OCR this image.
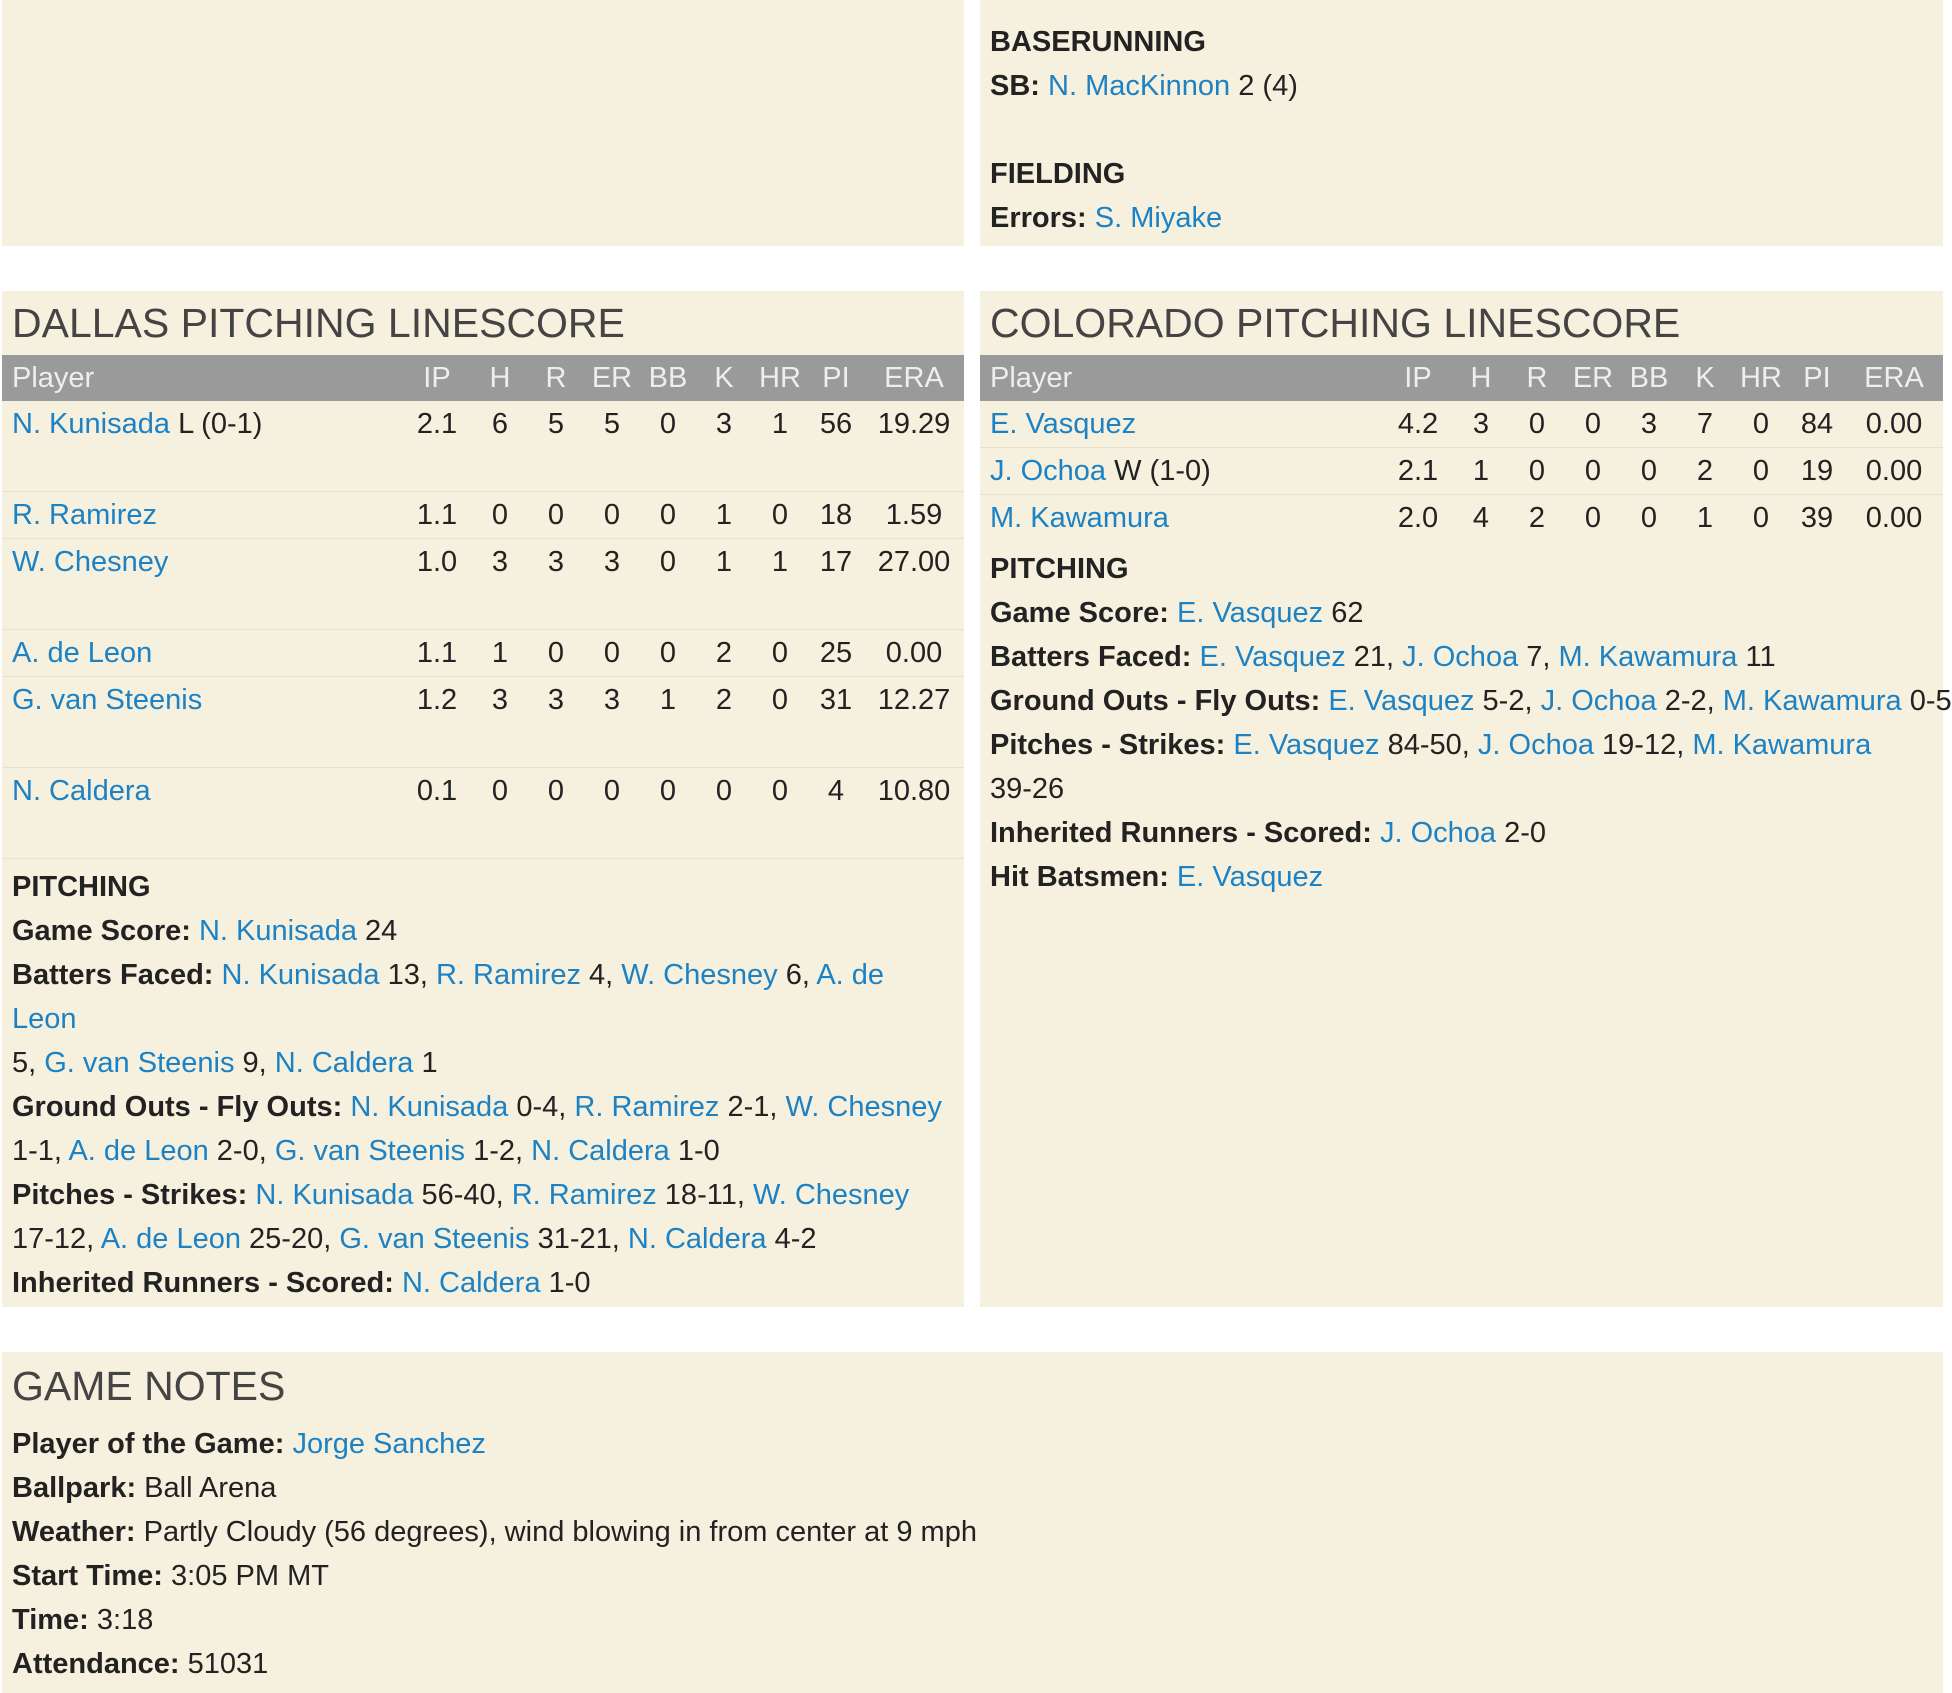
BASERUNNING

SB: N. MacKinnon 2 (4)

FIELDING

Errors: S. Miyake

DALLAS PITCHING LINESCORE
Player	IP	H	R	ER	BB	K	HR	PI	ERA
N. Kunisada L (0-1)	2.1	6	5	5	0	3	1	56	19.29
R. Ramirez	1.1	0	0	0	0	1	0	18	1.59
W. Chesney	1.0	3	3	3	0	1	1	17	27.00
A. de Leon	1.1	1	0	0	0	2	0	25	0.00
G. van Steenis	1.2	3	3	3	1	2	0	31	12.27
N. Caldera	0.1	0	0	0	0	0	0	4	10.80

PITCHING

Game Score: N. Kunisada 24

Batters Faced: N. Kunisada 13, R. Ramirez 4, W. Chesney 6, A. de Leon
5, G. van Steenis 9, N. Caldera 1

Ground Outs - Fly Outs: N. Kunisada 0-4, R. Ramirez 2-1, W. Chesney
1-1, A. de Leon 2-0, G. van Steenis 1-2, N. Caldera 1-0

Pitches - Strikes: N. Kunisada 56-40, R. Ramirez 18-11, W. Chesney
17-12, A. de Leon 25-20, G. van Steenis 31-21, N. Caldera 4-2

Inherited Runners - Scored: N. Caldera 1-0

COLORADO PITCHING LINESCORE
Player	IP	H	R	ER	BB	K	HR	PI	ERA
E. Vasquez	4.2	3	0	0	3	7	0	84	0.00
J. Ochoa W (1-0)	2.1	1	0	0	0	2	0	19	0.00
M. Kawamura	2.0	4	2	0	0	1	0	39	0.00

PITCHING

Game Score: E. Vasquez 62

Batters Faced: E. Vasquez 21, J. Ochoa 7, M. Kawamura 11

Ground Outs - Fly Outs: E. Vasquez 5-2, J. Ochoa 2-2, M. Kawamura 0-5

Pitches - Strikes: E. Vasquez 84-50, J. Ochoa 19-12, M. Kawamura
39-26

Inherited Runners - Scored: J. Ochoa 2-0

Hit Batsmen: E. Vasquez

GAME NOTES

Player of the Game: Jorge Sanchez

Ballpark: Ball Arena

Weather: Partly Cloudy (56 degrees), wind blowing in from center at 9 mph

Start Time: 3:05 PM MT

Time: 3:18

Attendance: 51031
